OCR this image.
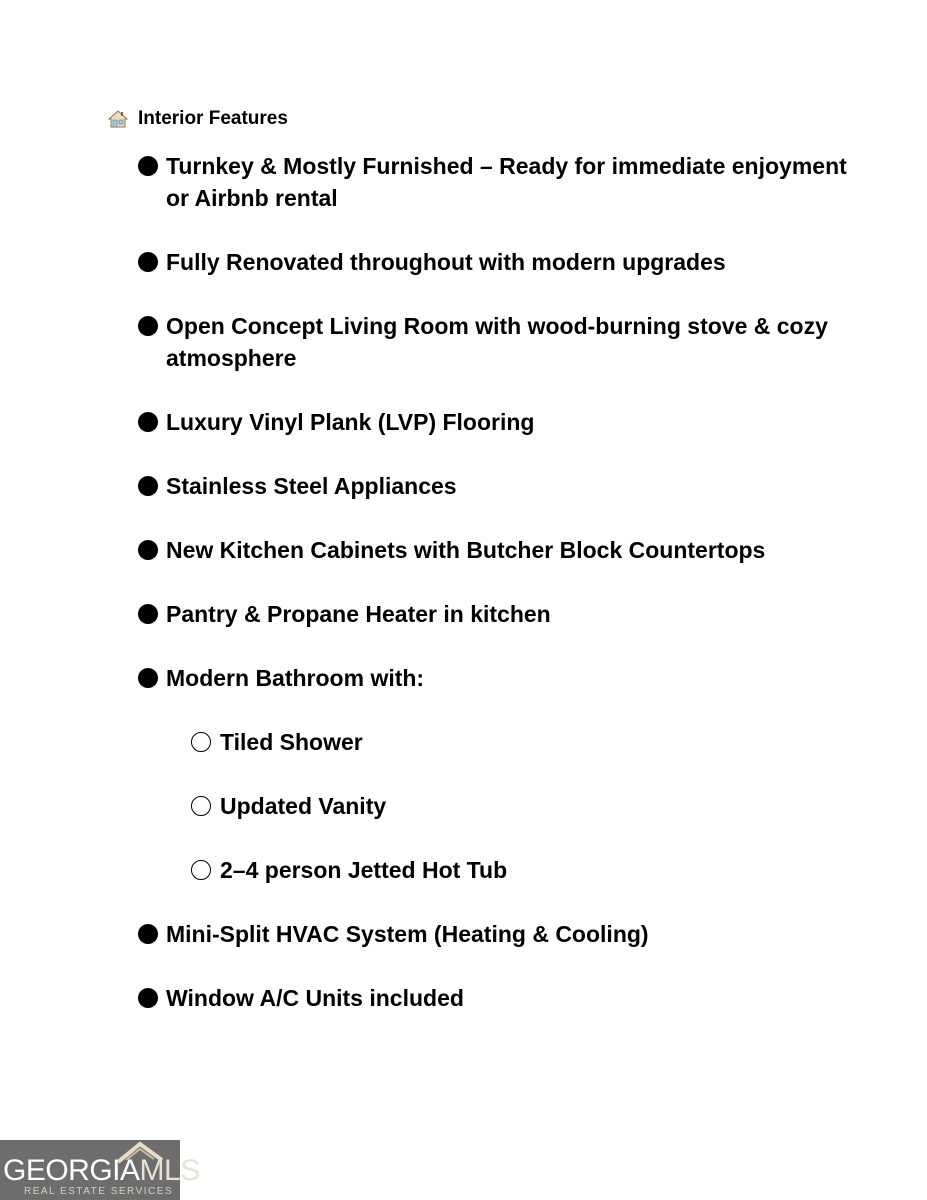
Interior Features
Turnkey & Mostly Furnished – Ready for immediate enjoyment or Airbnb rental
Fully Renovated throughout with modern upgrades
Open Concept Living Room with wood-burning stove & cozy atmosphere
Luxury Vinyl Plank (LVP) Flooring
Stainless Steel Appliances
New Kitchen Cabinets with Butcher Block Countertops
Pantry & Propane Heater in kitchen
Modern Bathroom with:
Tiled Shower
Updated Vanity
2–4 person Jetted Hot Tub
Mini-Split HVAC System (Heating & Cooling)
Window A/C Units included
GEORGIAMLS
REAL ESTATE SERVICES
